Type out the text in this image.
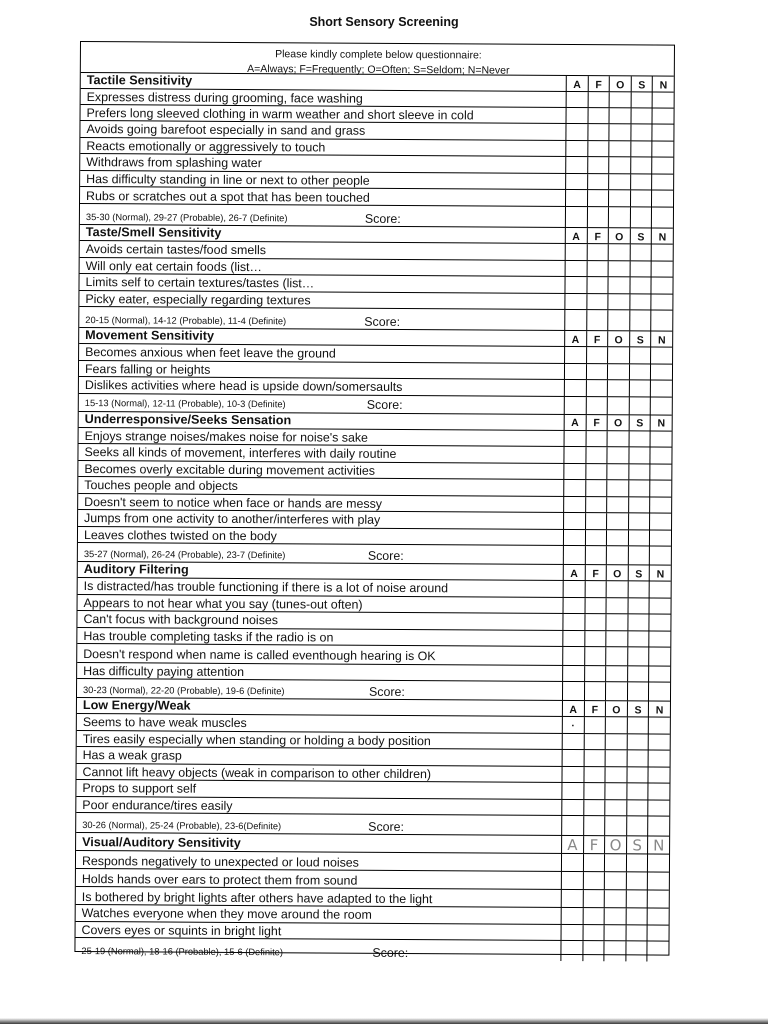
Short Sensory Screening
Please kindly complete below questionnaire:
A=Always; F=Frequently; O=Often; S=Seldom; N=Never
Tactile Sensitivity	A	F	O	S	N
Expresses distress during grooming, face washing
Prefers long sleeved clothing in warm weather and short sleeve in cold
Avoids going barefoot especially in sand and grass
Reacts emotionally or aggressively to touch
Withdraws from splashing water
Has difficulty standing in line or next to other people
Rubs or scratches out a spot that has been touched
35-30 (Normal), 29-27 (Probable), 26-7 (Definite)	Score:
Taste/Smell Sensitivity	A	F	O	S	N
Avoids certain tastes/food smells
Will only eat certain foods (list…
Limits self to certain textures/tastes (list…
Picky eater, especially regarding textures
20-15 (Normal), 14-12 (Probable), 11-4 (Definite)	Score:
Movement Sensitivity	A	F	O	S	N
Becomes anxious when feet leave the ground
Fears falling or heights
Dislikes activities where head is upside down/somersaults
15-13 (Normal), 12-11 (Probable), 10-3 (Definite)	Score:
Underresponsive/Seeks Sensation	A	F	O	S	N
Enjoys strange noises/makes noise for noise's sake
Seeks all kinds of movement, interferes with daily routine
Becomes overly excitable during movement activities
Touches people and objects
Doesn't seem to notice when face or hands are messy
Jumps from one activity to another/interferes with play
Leaves clothes twisted on the body
35-27 (Normal), 26-24 (Probable), 23-7 (Definite)	Score:
Auditory Filtering	A	F	O	S	N
Is distracted/has trouble functioning if there is a lot of noise around
Appears to not hear what you say (tunes-out often)
Can't focus with background noises
Has trouble completing tasks if the radio is on
Doesn't respond when name is called eventhough hearing is OK
Has difficulty paying attention
30-23 (Normal), 22-20 (Probable), 19-6 (Definite)	Score:
Low Energy/Weak	A	F	O	S	N
Seems to have weak muscles	·
Tires easily especially when standing or holding a body position
Has a weak grasp
Cannot lift heavy objects (weak in comparison to other children)
Props to support self
Poor endurance/tires easily
30-26 (Normal), 25-24 (Probable), 23-6(Definite)	Score:
Visual/Auditory Sensitivity	A F O S N
Responds negatively to unexpected or loud noises
Holds hands over ears to protect them from sound
Is bothered by bright lights after others have adapted to the light
Watches everyone when they move around the room
Covers eyes or squints in bright light
25-19 (Normal), 18-16 (Probable), 15-6 (Definite)	Score:
